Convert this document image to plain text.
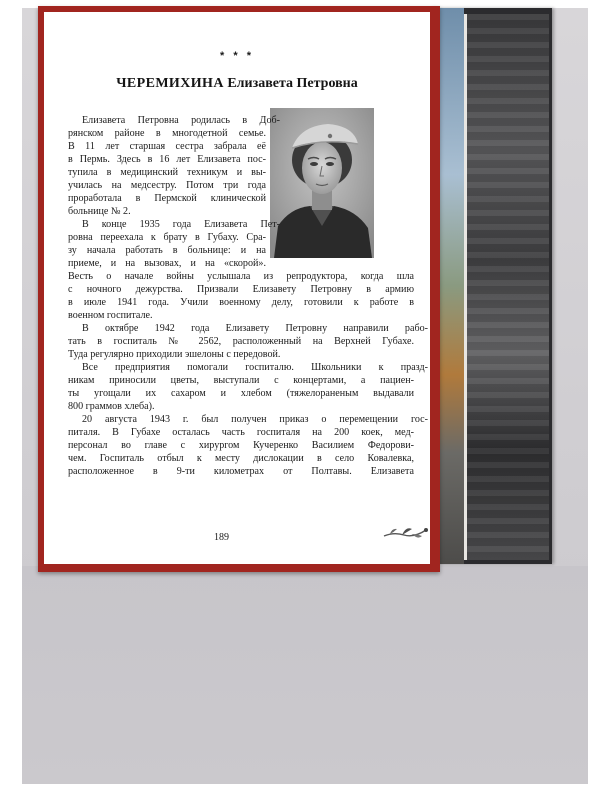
* * *
ЧЕРЕМИХИНА Елизавета Петровна
Елизавета Петровна родилась в Доб-
рянском районе в многодетной семье.
В 11 лет старшая сестра забрала её
в Пермь. Здесь в 16 лет Елизавета пос-
тупила в медицинский техникум и вы-
училась на медсестру. Потом три года
проработала в Пермской клинической
больнице № 2.
В конце 1935 года Елизавета Пет-
ровна переехала к брату в Губаху. Сра-
зу начала работать в больнице: и на
приеме, и на вызовах, и на «скорой».
Весть о начале войны услышала из репродуктора, когда шла
с ночного дежурства. Призвали Елизавету Петровну в армию
в июле 1941 года. Учили военному делу, готовили к работе в
военном госпитале.
В октябре 1942 года Елизавету Петровну направили рабо-
тать в госпиталь № 2562, расположенный на Верхней Губахе.
Туда регулярно приходили эшелоны с передовой.
Все предприятия помогали госпиталю. Школьники к празд-
никам приносили цветы, выступали с концертами, а пациен-
ты угощали их сахаром и хлебом (тяжелораненым выдавали
800 граммов хлеба).
20 августа 1943 г. был получен приказ о перемещении гос-
питаля. В Губахе осталась часть госпиталя на 200 коек, мед-
персонал во главе с хирургом Кучеренко Василием Федорови-
чем. Госпиталь отбыл к месту дислокации в село Ковалевка,
расположенное в 9-ти километрах от Полтавы. Елизавета
189
